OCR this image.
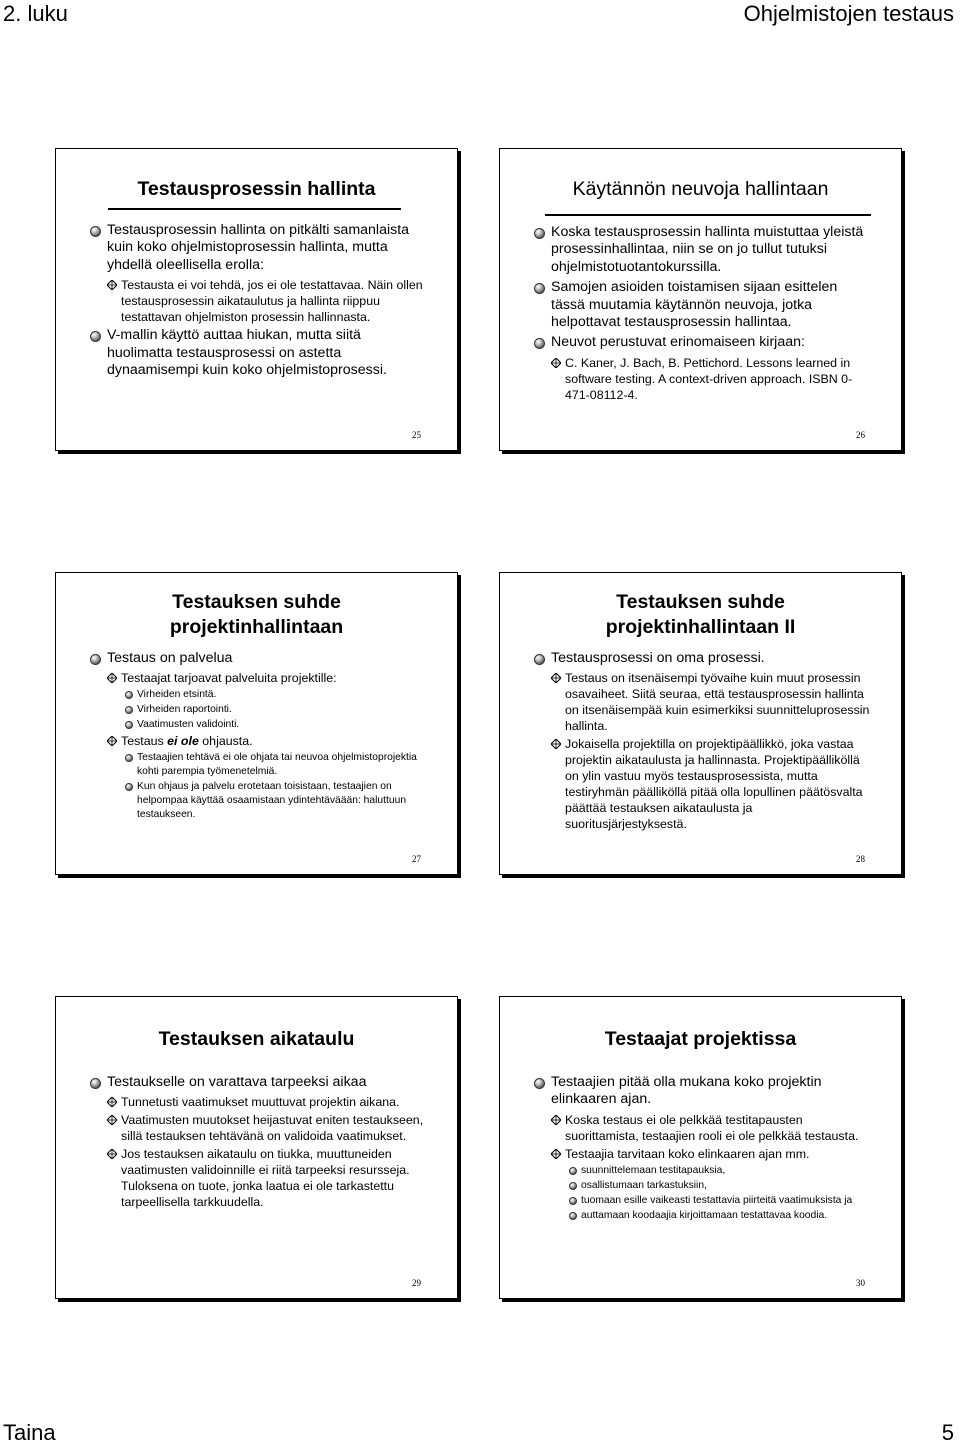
2. luku	Ohjelmistojen testaus
Testausprosessin hallinta
Testausprosessin hallinta on pitkälti samanlaista kuin koko ohjelmistoprosessin hallinta, mutta yhdellä oleellisella erolla:
Testausta ei voi tehdä, jos ei ole testattavaa. Näin ollen testausprosessin aikataulutus ja hallinta riippuu testattavan ohjelmiston prosessin hallinnasta.
V-mallin käyttö auttaa hiukan, mutta siitä huolimatta testausprosessi on astetta dynaamisempi kuin koko ohjelmistoprosessi.
25
Käytännön neuvoja hallintaan
Koska testausprosessin hallinta muistuttaa yleistä prosessinhallintaa, niin se on jo tullut tutuksi ohjelmistotuotantokurssilla.
Samojen asioiden toistamisen sijaan esittelen tässä muutamia käytännön neuvoja, jotka helpottavat testausprosessin hallintaa.
Neuvot perustuvat erinomaiseen kirjaan:
C. Kaner, J. Bach, B. Pettichord. Lessons learned in software testing. A context-driven approach. ISBN 0-471-08112-4.
26
Testauksen suhde
projektinhallintaan
Testaus on palvelua
Testaajat tarjoavat palveluita projektille:
Virheiden etsintä.
Virheiden raportointi.
Vaatimusten validointi.
Testaus ei ole ohjausta.
Testaajien tehtävä ei ole ohjata tai neuvoa ohjelmistoprojektia kohti parempia työmenetelmiä.
Kun ohjaus ja palvelu erotetaan toisistaan, testaajien on helpompaa käyttää osaamistaan ydintehtäväään: haluttuun testaukseen.
27
Testauksen suhde
projektinhallintaan II
Testausprosessi on oma prosessi.
Testaus on itsenäisempi työvaihe kuin muut prosessin osavaiheet. Siitä seuraa, että testausprosessin hallinta on itsenäisempää kuin esimerkiksi suunnitteluprosessin hallinta.
Jokaisella projektilla on projektipäällikkö, joka vastaa projektin aikataulusta ja hallinnasta. Projektipäälliköllä on ylin vastuu myös testausprosessista, mutta testiryhmän päälliköllä pitää olla lopullinen päätösvalta päättää testauksen aikataulusta ja suoritusjärjestyksestä.
28
Testauksen aikataulu
Testaukselle on varattava tarpeeksi aikaa
Tunnetusti vaatimukset muuttuvat projektin aikana.
Vaatimusten muutokset heijastuvat eniten testaukseen, sillä testauksen tehtävänä on validoida vaatimukset.
Jos testauksen aikataulu on tiukka, muuttuneiden vaatimusten validoinnille ei riitä tarpeeksi resursseja. Tuloksena on tuote, jonka laatua ei ole tarkastettu tarpeellisella tarkkuudella.
29
Testaajat projektissa
Testaajien pitää olla mukana koko projektin elinkaaren ajan.
Koska testaus ei ole pelkkää testitapausten suorittamista, testaajien rooli ei ole pelkkää testausta.
Testaajia tarvitaan koko elinkaaren ajan mm.
suunnittelemaan testitapauksia,
osallistumaan tarkastuksiin,
tuomaan esille vaikeasti testattavia piirteitä vaatimuksista ja
auttamaan koodaajia kirjoittamaan testattavaa koodia.
30
Taina	5
